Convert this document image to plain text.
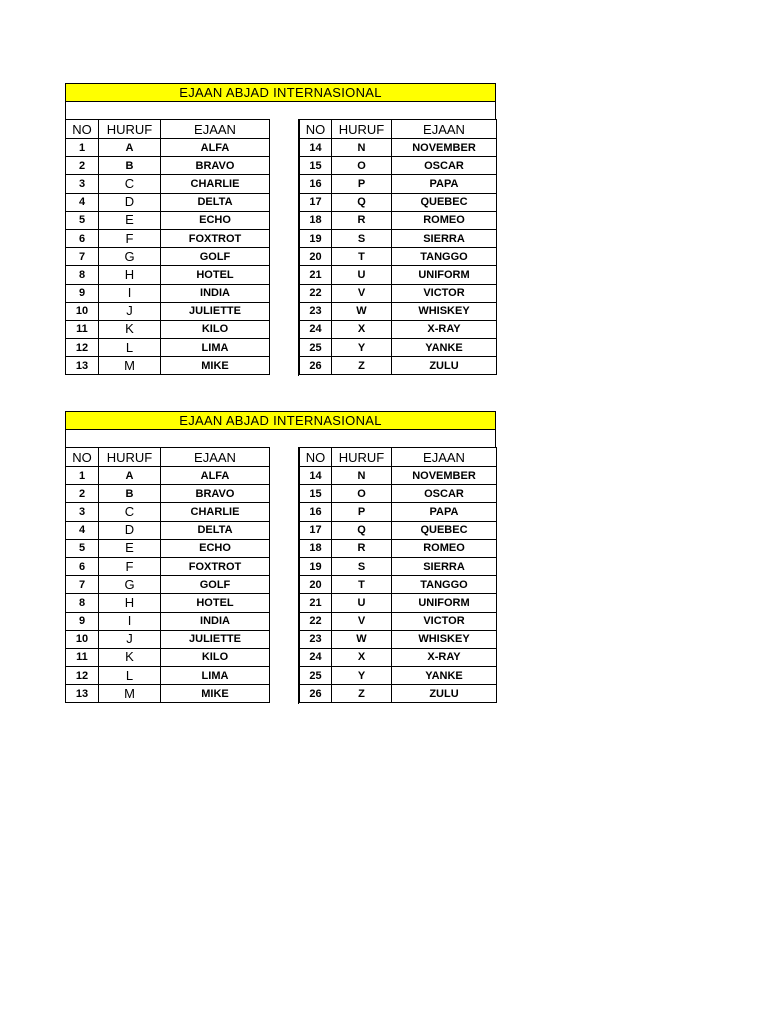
EJAAN ABJAD INTERNASIONAL
NO	HURUF	EJAAN
1	A	ALFA
2	B	BRAVO
3	C	CHARLIE
4	D	DELTA
5	E	ECHO
6	F	FOXTROT
7	G	GOLF
8	H	HOTEL
9	I	INDIA
10	J	JULIETTE
11	K	KILO
12	L	LIMA
13	M	MIKE
NO	HURUF	EJAAN
14	N	NOVEMBER
15	O	OSCAR
16	P	PAPA
17	Q	QUEBEC
18	R	ROMEO
19	S	SIERRA
20	T	TANGGO
21	U	UNIFORM
22	V	VICTOR
23	W	WHISKEY
24	X	X-RAY
25	Y	YANKE
26	Z	ZULU
EJAAN ABJAD INTERNASIONAL
NO	HURUF	EJAAN
1	A	ALFA
2	B	BRAVO
3	C	CHARLIE
4	D	DELTA
5	E	ECHO
6	F	FOXTROT
7	G	GOLF
8	H	HOTEL
9	I	INDIA
10	J	JULIETTE
11	K	KILO
12	L	LIMA
13	M	MIKE
NO	HURUF	EJAAN
14	N	NOVEMBER
15	O	OSCAR
16	P	PAPA
17	Q	QUEBEC
18	R	ROMEO
19	S	SIERRA
20	T	TANGGO
21	U	UNIFORM
22	V	VICTOR
23	W	WHISKEY
24	X	X-RAY
25	Y	YANKE
26	Z	ZULU
